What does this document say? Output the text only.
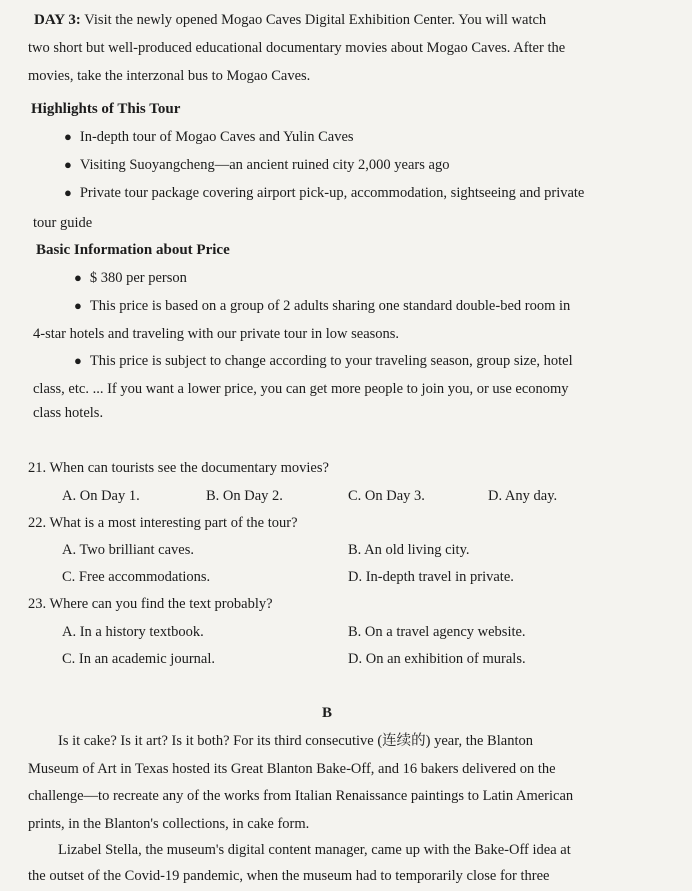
DAY 3: Visit the newly opened Mogao Caves Digital Exhibition Center. You will watch
two short but well-produced educational documentary movies about Mogao Caves. After the
movies, take the interzonal bus to Mogao Caves.
Highlights of This Tour
● In-depth tour of Mogao Caves and Yulin Caves
● Visiting Suoyangcheng—an ancient ruined city 2,000 years ago
● Private tour package covering airport pick-up, accommodation, sightseeing and private
tour guide
Basic Information about Price
● $ 380 per person
● This price is based on a group of 2 adults sharing one standard double-bed room in
4-star hotels and traveling with our private tour in low seasons.
● This price is subject to change according to your traveling season, group size, hotel
class, etc. ... If you want a lower price, you can get more people to join you, or use economy
class hotels.
21. When can tourists see the documentary movies?
A. On Day 1.	B. On Day 2.	C. On Day 3.	D. Any day.
22. What is a most interesting part of the tour?
A. Two brilliant caves.	B. An old living city.
C. Free accommodations.	D. In-depth travel in private.
23. Where can you find the text probably?
A. In a history textbook.	B. On a travel agency website.
C. In an academic journal.	D. On an exhibition of murals.
B
Is it cake? Is it art? Is it both? For its third consecutive (连续的) year, the Blanton
Museum of Art in Texas hosted its Great Blanton Bake-Off, and 16 bakers delivered on the
challenge—to recreate any of the works from Italian Renaissance paintings to Latin American
prints, in the Blanton's collections, in cake form.
Lizabel Stella, the museum's digital content manager, came up with the Bake-Off idea at
the outset of the Covid-19 pandemic, when the museum had to temporarily close for three
